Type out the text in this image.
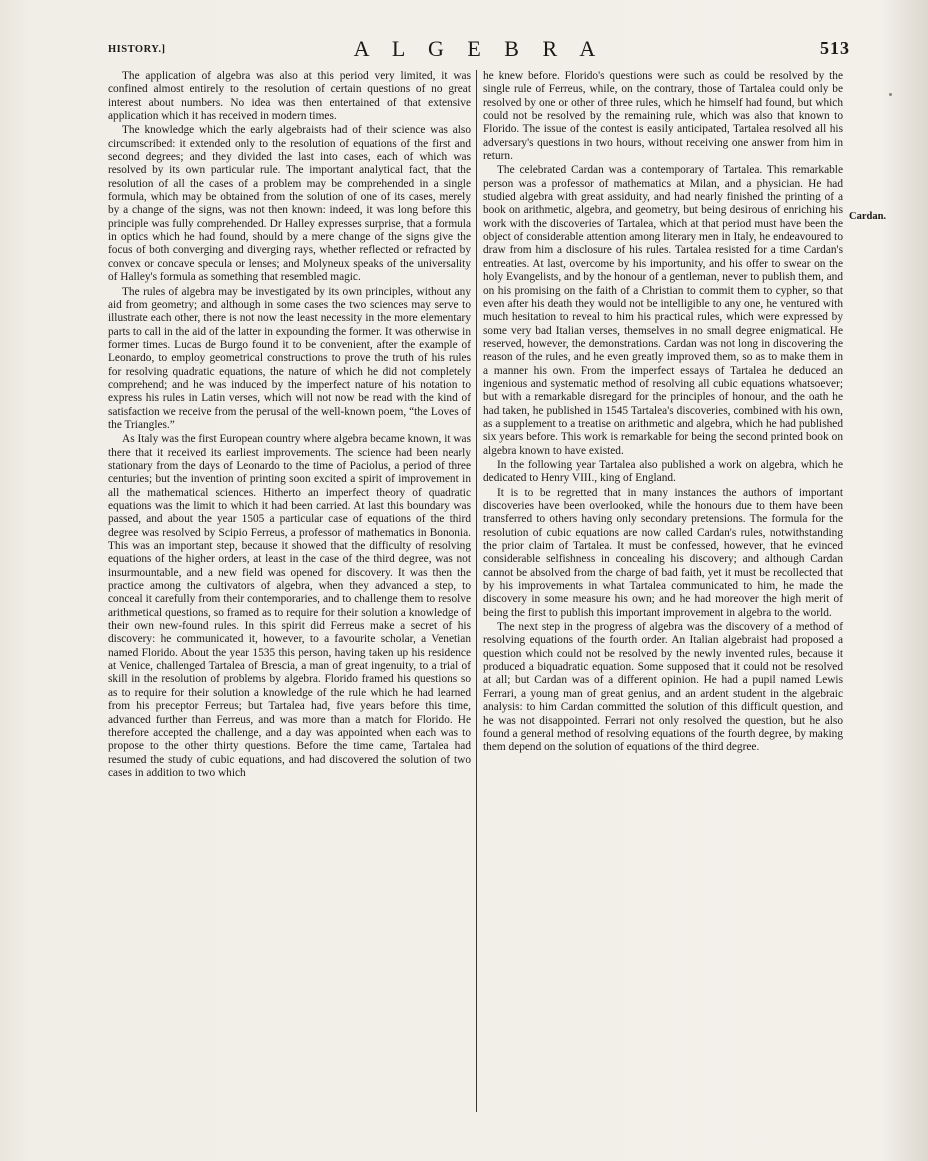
HISTORY.]	A L G E B R A	513

The application of algebra was also at this period very limited, it was confined almost entirely to the resolution of certain questions of no great interest about numbers. No idea was then entertained of that extensive application which it has received in modern times.

The knowledge which the early algebraists had of their science was also circumscribed: it extended only to the resolution of equations of the first and second degrees; and they divided the last into cases, each of which was resolved by its own particular rule. The important analytical fact, that the resolution of all the cases of a problem may be comprehended in a single formula, which may be obtained from the solution of one of its cases, merely by a change of the signs, was not then known: indeed, it was long before this principle was fully comprehended. Dr Halley expresses surprise, that a formula in optics which he had found, should by a mere change of the signs give the focus of both converging and diverging rays, whether reflected or refracted by convex or concave specula or lenses; and Molyneux speaks of the universality of Halley's formula as something that resembled magic.

The rules of algebra may be investigated by its own principles, without any aid from geometry; and although in some cases the two sciences may serve to illustrate each other, there is not now the least necessity in the more elementary parts to call in the aid of the latter in expounding the former. It was otherwise in former times. Lucas de Burgo found it to be convenient, after the example of Leonardo, to employ geometrical constructions to prove the truth of his rules for resolving quadratic equations, the nature of which he did not completely comprehend; and he was induced by the imperfect nature of his notation to express his rules in Latin verses, which will not now be read with the kind of satisfaction we receive from the perusal of the well-known poem, “the Loves of the Triangles.”

As Italy was the first European country where algebra became known, it was there that it received its earliest improvements. The science had been nearly stationary from the days of Leonardo to the time of Paciolus, a period of three centuries; but the invention of printing soon excited a spirit of improvement in all the mathematical sciences. Hitherto an imperfect theory of quadratic equations was the limit to which it had been carried. At last this boundary was passed, and about the year 1505 a particular case of equations of the third degree was resolved by Scipio Ferreus, a professor of mathematics in Bononia. This was an important step, because it showed that the difficulty of resolving equations of the higher orders, at least in the case of the third degree, was not insurmountable, and a new field was opened for discovery. It was then the practice among the cultivators of algebra, when they advanced a step, to conceal it carefully from their contemporaries, and to challenge them to resolve arithmetical questions, so framed as to require for their solution a knowledge of their own new-found rules. In this spirit did Ferreus make a secret of his discovery: he communicated it, however, to a favourite scholar, a Venetian named Florido. About the year 1535 this person, having taken up his residence at Venice, challenged Tartalea of Brescia, a man of great ingenuity, to a trial of skill in the resolution of problems by algebra. Florido framed his questions so as to require for their solution a knowledge of the rule which he had learned from his preceptor Ferreus; but Tartalea had, five years before this time, advanced further than Ferreus, and was more than a match for Florido. He therefore accepted the challenge, and a day was appointed when each was to propose to the other thirty questions. Before the time came, Tartalea had resumed the study of cubic equations, and had discovered the solution of two cases in addition to two which

he knew before. Florido's questions were such as could be resolved by the single rule of Ferreus, while, on the contrary, those of Tartalea could only be resolved by one or other of three rules, which he himself had found, but which could not be resolved by the remaining rule, which was also that known to Florido. The issue of the contest is easily anticipated, Tartalea resolved all his adversary's questions in two hours, without receiving one answer from him in return.

The celebrated Cardan was a contemporary of Tartalea. This remarkable person was a professor of mathematics at Milan, and a physician. He had studied algebra with great assiduity, and had nearly finished the printing of a book on arithmetic, algebra, and geometry, but being desirous of enriching his work with the discoveries of Tartalea, which at that period must have been the object of considerable attention among literary men in Italy, he endeavoured to draw from him a disclosure of his rules. Tartalea resisted for a time Cardan's entreaties. At last, overcome by his importunity, and his offer to swear on the holy Evangelists, and by the honour of a gentleman, never to publish them, and on his promising on the faith of a Christian to commit them to cypher, so that even after his death they would not be intelligible to any one, he ventured with much hesitation to reveal to him his practical rules, which were expressed by some very bad Italian verses, themselves in no small degree enigmatical. He reserved, however, the demonstrations. Cardan was not long in discovering the reason of the rules, and he even greatly improved them, so as to make them in a manner his own. From the imperfect essays of Tartalea he deduced an ingenious and systematic method of resolving all cubic equations whatsoever; but with a remarkable disregard for the principles of honour, and the oath he had taken, he published in 1545 Tartalea's discoveries, combined with his own, as a supplement to a treatise on arithmetic and algebra, which he had published six years before. This work is remarkable for being the second printed book on algebra known to have existed.

In the following year Tartalea also published a work on algebra, which he dedicated to Henry VIII., king of England.

It is to be regretted that in many instances the authors of important discoveries have been overlooked, while the honours due to them have been transferred to others having only secondary pretensions. The formula for the resolution of cubic equations are now called Cardan's rules, notwithstanding the prior claim of Tartalea. It must be confessed, however, that he evinced considerable selfishness in concealing his discovery; and although Cardan cannot be absolved from the charge of bad faith, yet it must be recollected that by his improvements in what Tartalea communicated to him, he made the discovery in some measure his own; and he had moreover the high merit of being the first to publish this important improvement in algebra to the world.

The next step in the progress of algebra was the discovery of a method of resolving equations of the fourth order. An Italian algebraist had proposed a question which could not be resolved by the newly invented rules, because it produced a biquadratic equation. Some supposed that it could not be resolved at all; but Cardan was of a different opinion. He had a pupil named Lewis Ferrari, a young man of great genius, and an ardent student in the algebraic analysis: to him Cardan committed the solution of this difficult question, and he was not disappointed. Ferrari not only resolved the question, but he also found a general method of resolving equations of the fourth degree, by making them depend on the solution of equations of the third degree.

Cardan.
